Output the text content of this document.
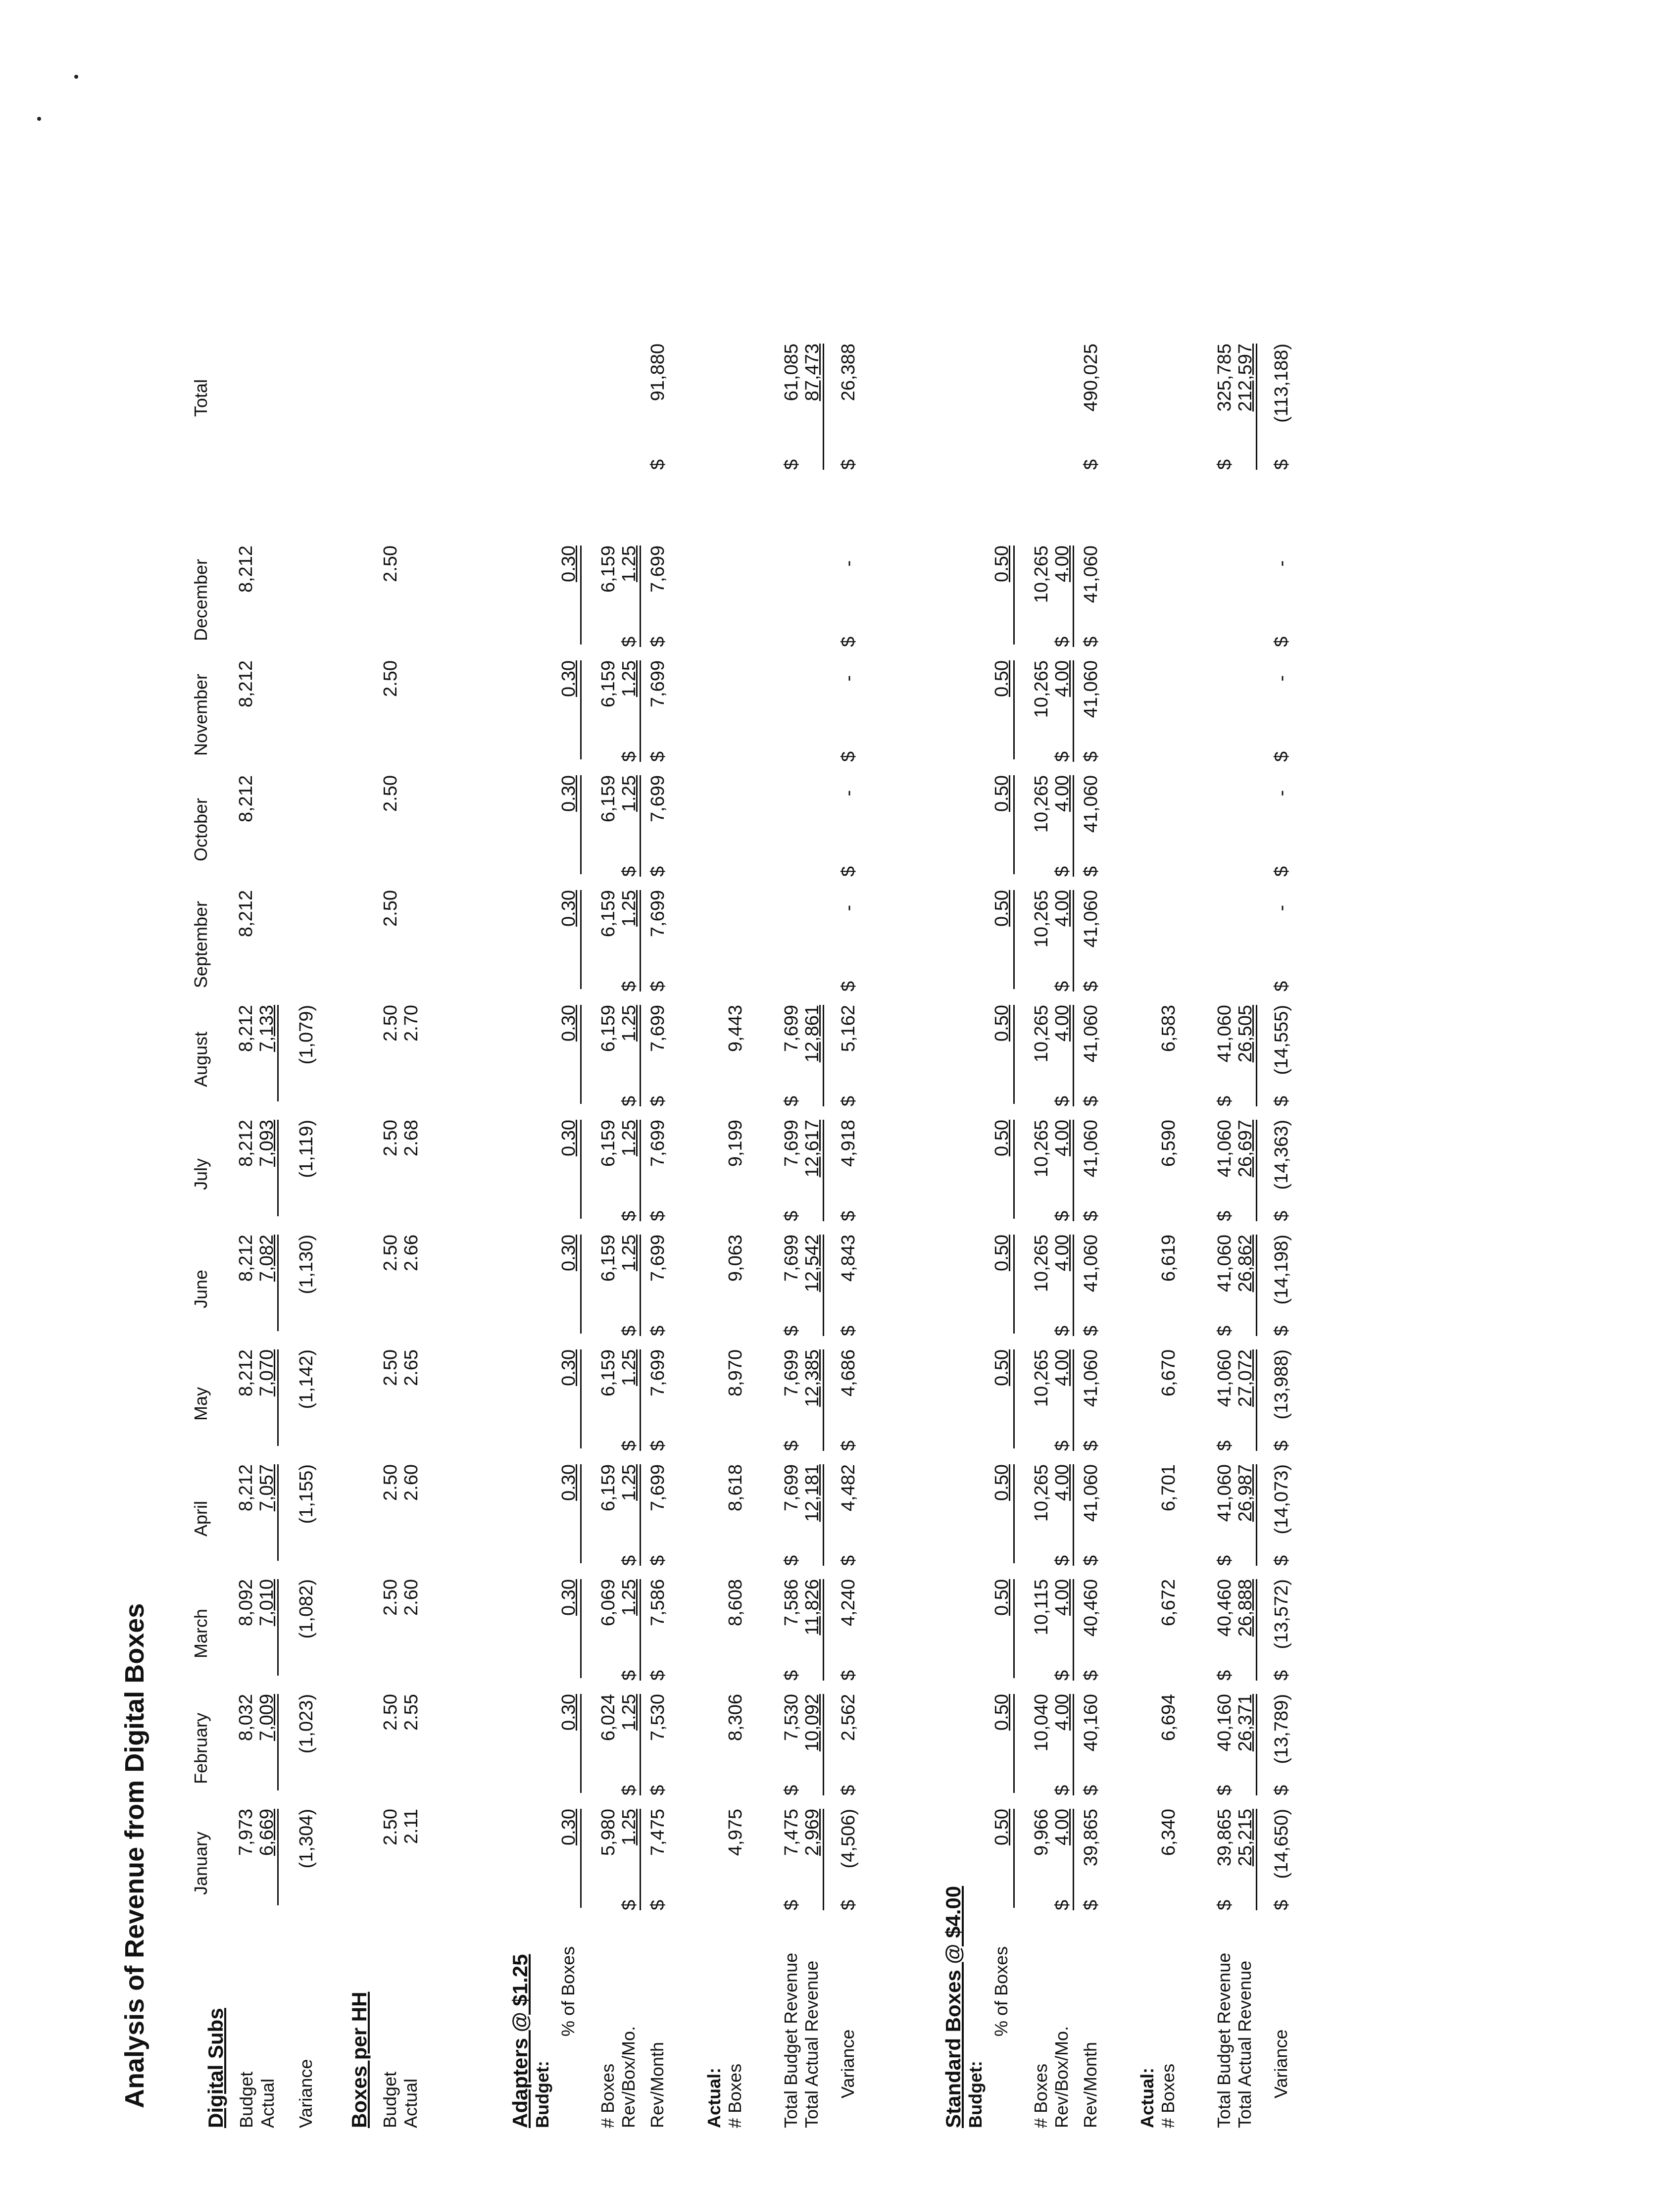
Analysis of Revenue from Digital Boxes January
February
March
April
May
June
July
August
September
October
November
December
Total
Digital Subs Budget Actual Variance
7,973
8,032
8,092
8,212
8,212
8,212
8,212
8,212
8,212
8,212
8,212
8,212
6,669
7,009
7,010
7,057
7,070
7,082
7,093
7,133
(1,304)
(1,023)
(1,082)
(1,155)
(1,142)
(1,130)
(1,119)
(1,079)
Boxes per HH Budget Actual
2.50
2.50
2.50
2.50
2.50
2.50
2.50
2.50
2.50
2.50
2.50
2.50
2.11
2.55
2.60
2.60
2.65
2.66
2.68
2.70
Adapters @ $1.25 Budget:
% of Boxes
# Boxes Rev/Box/Mo. Rev/Month Actual: # Boxes Total Budget Revenue Total Actual Revenue Variance
0.30
0.30
0.30
0.30
0.30
0.30
0.30
0.30
0.30
0.30
0.30
0.30
5,980
6,024
6,069
6,159
6,159
6,159
6,159
6,159
6,159
6,159
6,159
6,159
1.25
$
1.25
$
1.25
$
1.25
$
1.25
$
1.25
$
1.25
$
1.25
$
1.25
$
1.25
$
1.25
$
1.25
$
7,475
$
7,530
$
7,586
$
7,699
$
7,699
$
7,699
$
7,699
$
7,699
$
7,699
$
7,699
$
7,699
$
7,699
$
$
91,880
4,975
8,306
8,608
8,618
8,970
9,063
9,199
9,443
7,475
$
7,530
$
7,586
$
7,699
$
7,699
$
7,699
$
7,699
$
7,699
$
2,969
10,092
11,826
12,181
12,385
12,542
12,617
12,861
(4,506)
$
2,562
$
4,240
$
4,482
$
4,686
$
4,843
$
4,918
$
5,162
$
$
-
$
-
$
-
$
-
$
61,085 87,473
$
26,388
Standard Boxes @ $4.00 Budget:
% of Boxes
# Boxes Rev/Box/Mo. Rev/Month Actual: # Boxes Total Budget Revenue Total Actual Revenue Variance
0.50
0.50
0.50
0.50
0.50
0.50
0.50
0.50
0.50
0.50
0.50
0.50
9,966
10,040
10,115
10,265
10,265
10,265
10,265
10,265
10,265
10,265
10,265
10,265
4.00
$
4.00
$
4.00
$
4.00
$
4.00
$
4.00
$
4.00
$
4.00
$
4.00
$
4.00
$
4.00
$
4.00
$
39,865
$
40,160
$
40,460
$
41,060
$
41,060
$
41,060
$
41,060
$
41,060
$
41,060
$
41,060
$
41,060
$
41,060
$
$
490,025
6,340
6,694
6,672
6,701
6,670
6,619
6,590
6,583
39,865
$
40,160
$
40,460
$
41,060
$
41,060
$
41,060
$
41,060
$
41,060
$
25,215
26,371
26,888
26,987
27,072
26,862
26,697
26,505
(14,650)
$
(13,789)
$
(13,572)
$
(14,073)
$
(13,988)
$
(14,198)
$
(14,363)
$
(14,555)
$
$
-
$
-
$
-
$
-
$
325,785 212,597
$
(113,188)
